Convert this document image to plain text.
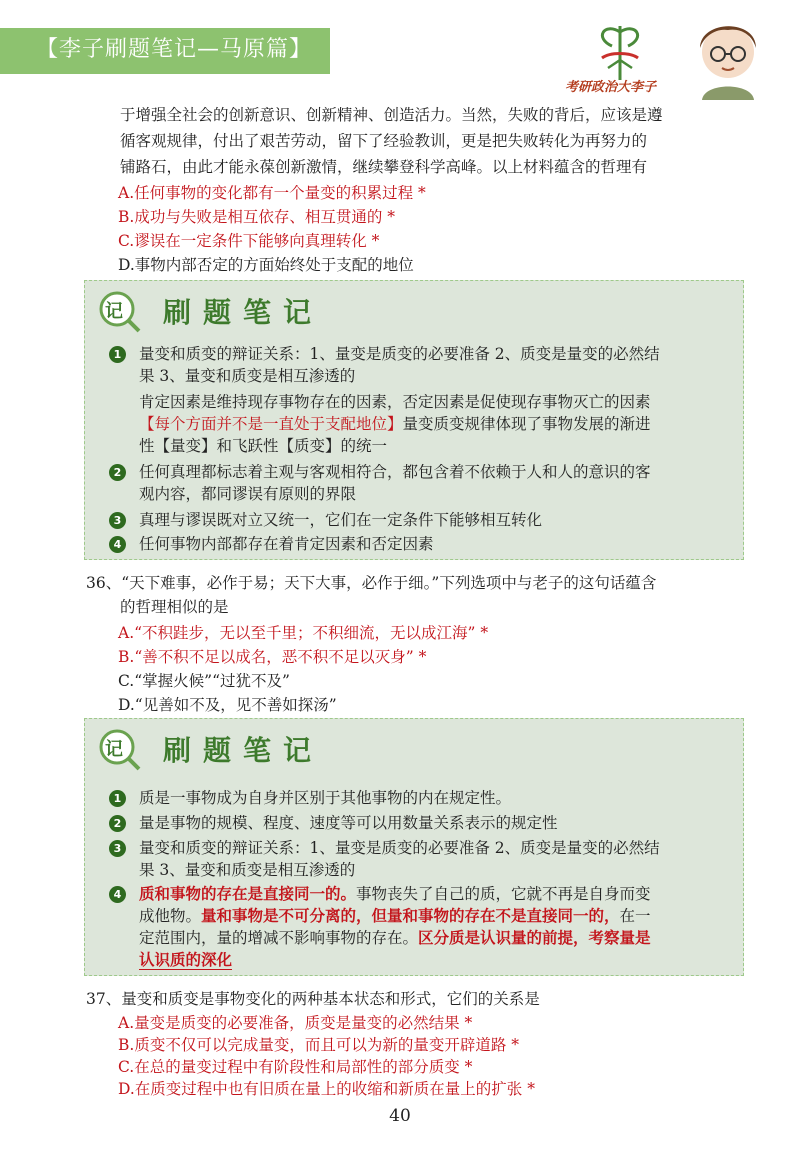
【李子刷题笔记—马原篇】
考研政治大李子
于增强全社会的创新意识、创新精神、创造活力。当然，失败的背后，应该是遵
循客观规律，付出了艰苦劳动，留下了经验教训，更是把失败转化为再努力的
铺路石，由此才能永葆创新激情，继续攀登科学高峰。以上材料蕴含的哲理有
A.任何事物的变化都有一个量变的积累过程 *
B.成功与失败是相互依存、相互贯通的 *
C.谬误在一定条件下能够向真理转化 *
D.事物内部否定的方面始终处于支配的地位
记 刷题笔记
1	量变和质变的辩证关系：1、量变是质变的必要准备 2、质变是量变的必然结
果 3、量变和质变是相互渗透的
肯定因素是维持现存事物存在的因素，否定因素是促使现存事物灭亡的因素
【每个方面并不是一直处于支配地位】量变质变规律体现了事物发展的渐进
性【量变】和飞跃性【质变】的统一
2	任何真理都标志着主观与客观相符合，都包含着不依赖于人和人的意识的客
观内容，都同谬误有原则的界限
3	真理与谬误既对立又统一，它们在一定条件下能够相互转化
4	任何事物内部都存在着肯定因素和否定因素
36、“天下难事，必作于易；天下大事，必作于细。”下列选项中与老子的这句话蕴含
的哲理相似的是
A.“不积跬步，无以至千里；不积细流，无以成江海” *
B.“善不积不足以成名，恶不积不足以灭身” *
C.“掌握火候”“过犹不及”
D.“见善如不及，见不善如探汤”
记 刷题笔记
1	质是一事物成为自身并区别于其他事物的内在规定性。
2	量是事物的规模、程度、速度等可以用数量关系表示的规定性
3	量变和质变的辩证关系：1、量变是质变的必要准备 2、质变是量变的必然结
果 3、量变和质变是相互渗透的
4	质和事物的存在是直接同一的。事物丧失了自己的质，它就不再是自身而变
成他物。量和事物是不可分离的，但量和事物的存在不是直接同一的，在一
定范围内，量的增减不影响事物的存在。区分质是认识量的前提，考察量是
认识质的深化
37、量变和质变是事物变化的两种基本状态和形式，它们的关系是
A.量变是质变的必要准备，质变是量变的必然结果 *
B.质变不仅可以完成量变，而且可以为新的量变开辟道路 *
C.在总的量变过程中有阶段性和局部性的部分质变 *
D.在质变过程中也有旧质在量上的收缩和新质在量上的扩张 *
40
